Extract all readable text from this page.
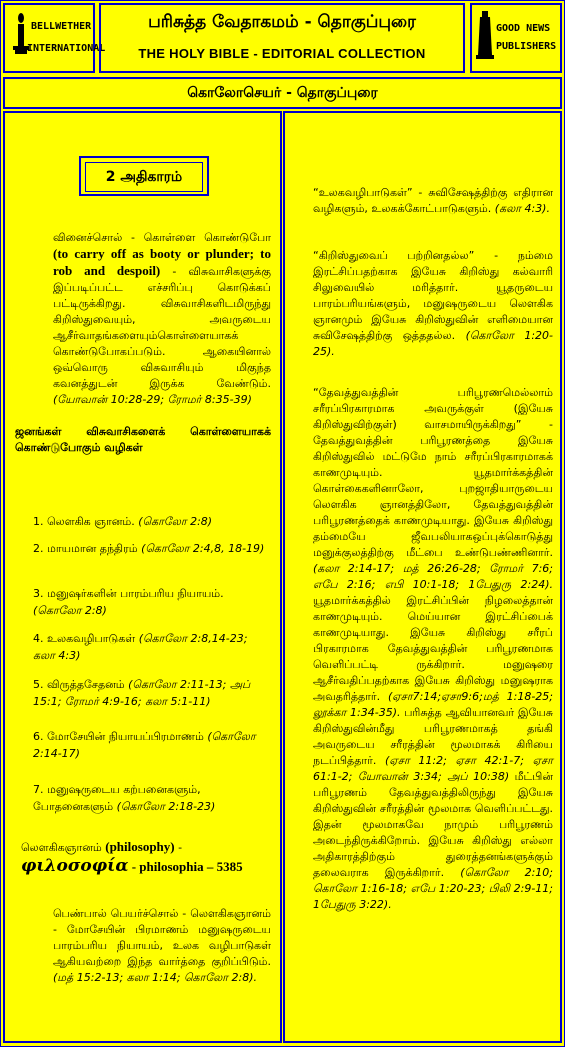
BELLWETHER
INTERNATIONAL
பரிசுத்த வேதாகமம் - தொகுப்புரை
THE HOLY BIBLE - EDITORIAL COLLECTION
GOOD NEWS
PUBLISHERS
கொலோசெயர் - தொகுப்புரை
2 அதிகாரம்
வினைச்சொல் - கொள்ளை கொண்டுபோ (to carry off as booty or plunder; to rob and despoil) - விசுவாசிகளுக்கு இப்படிப்பட்ட எச்சரிப்பு கொடுக்கப் பட்டிருக்கிறது. விசுவாசிகளிடமிருந்து கிறிஸ்துவையும், அவருடைய ஆசீர்வாதங்களையும்கொள்ளையாகக் கொண்டுபோகப்படும். ஆகையினால் ஒவ்வொரு விசுவாசியும் மிகுந்த கவனத்துடன் இருக்க வேண்டும். (யோவான் 10:28-29; ரோமர் 8:35-39)
ஜனங்கள் விசுவாசிகளைக் கொள்ளையாகக் கொண்டுபோகும் வழிகள்
1. லௌகிக ஞானம். (கொலோ 2:8)
2. மாயமான தந்திரம் (கொலோ 2:4,8, 18-19)
3. மனுஷர்களின் பாரம்பரிய நியாயம். (கொலோ 2:8)
4. உலகவழிபாடுகள் (கொலோ 2:8,14-23; கலா 4:3)
5. விருத்தசேதனம் (கொலோ 2:11-13; அப் 15:1; ரோமர் 4:9-16; கலா 5:1-11)
6. மோசேயின் நியாயப்பிரமாணம் (கொலோ 2:14-17)
7. மனுஷருடைய கற்பனைகளும், போதனைகளும் (கொலோ 2:18-23)
லௌகிகஞானம் (philosophy) -
φιλοσοφία - philosophia – 5385
பெண்பால் பெயர்ச்சொல் - லௌகிகஞானம் - மோசேயின் பிரமாணம் மனுஷருடைய பாரம்பரிய நியாயம், உலக வழிபாடுகள் ஆகியவற்றை இந்த வார்த்தை குறிப்பிடும். (மத் 15:2-13; கலா 1:14; கொலோ 2:8).
“உலகவழிபாடுகள்” - சுவிசேஷத்திற்கு எதிரான வழிகளும், உலகக்கோட்பாடுகளும். (கலா 4:3).
“கிறிஸ்துவைப் பற்றினதல்ல” - நம்மை இரட்சிப்பதற்காக இயேசு கிறிஸ்து கல்வாரி சிலுவையில் மரித்தார். யூதருடைய பாரம்பரியங்களும், மனுஷருடைய லௌகிக ஞானமும் இயேசு கிறிஸ்துவின் எளிமையான சுவிசேஷத்திற்கு ஒத்ததல்ல. (கொலோ 1:20-25).
“தேவத்துவத்தின் பரிபூரணமெல்லாம் சரீரப்பிரகாரமாக அவருக்குள் (இயேசு கிறிஸ்துவிற்குள்) வாசமாயிருக்கிறது” - தேவத்துவத்தின் பரிபூரணத்தை இயேசு கிறிஸ்துவில் மட்டுமே நாம் சரீரப்பிரகாரமாகக் காணமுடியும். யூதமார்க்கத்தின் கொள்கைகளினாலோ, புறஜாதியாருடைய லௌகிக ஞானத்திலோ, தேவத்துவத்தின் பரிபூரணத்தைக் காணமுடியாது. இயேசு கிறிஸ்து தம்மையே ஜீவபலியாகஒப்புக்கொடுத்து மனுக்குலத்திற்கு மீட்பை உண்டுபண்ணினார். (கலா 2:14-17; மத் 26:26-28; ரோமர் 7:6; எபே 2:16; எபி 10:1-18; 1பேதுரு 2:24). யூதமார்க்கத்தில் இரட்சிப்பின் நிழலைத்தான் காணமுடியும். மெய்யான இரட்சிப்பைக் காணமுடியாது. இயேசு கிறிஸ்து சரீரப் பிரகாரமாக தேவத்துவத்தின் பரிபூரணமாக வெளிப்பட்டி ருக்கிறார். மனுஷரை ஆசீர்வதிப்பதற்காக இயேசு கிறிஸ்து மனுஷராக அவதரித்தார். (ஏசா7:14;ஏசா9:6;மத் 1:18-25; லூக்கா 1:34-35). பரிசுத்த ஆவியானவர் இயேசு கிறிஸ்துவின்மீது பரிபூரணமாகத் தங்கி அவருடைய சரீரத்தின் மூலமாகக் கிரியை நடப்பித்தார். (ஏசா 11:2; ஏசா 42:1-7; ஏசா 61:1-2; யோவான் 3:34; அப் 10:38) மீட்பின் பரிபூரணம் தேவத்துவத்திலிருந்து இயேசு கிறிஸ்துவின் சரீரத்தின் மூலமாக வெளிப்பட்டது. இதன் மூலமாகவே நாமும் பரிபூரணம் அடைந்திருக்கிறோம். இயேசு கிறிஸ்து எல்லா அதிகாரத்திற்கும் துரைத்தனங்களுக்கும் தலைவராக இருக்கிறார். (கொலோ 2:10; கொலோ 1:16-18; எபே 1:20-23; பிலி 2:9-11; 1பேதுரு 3:22).
